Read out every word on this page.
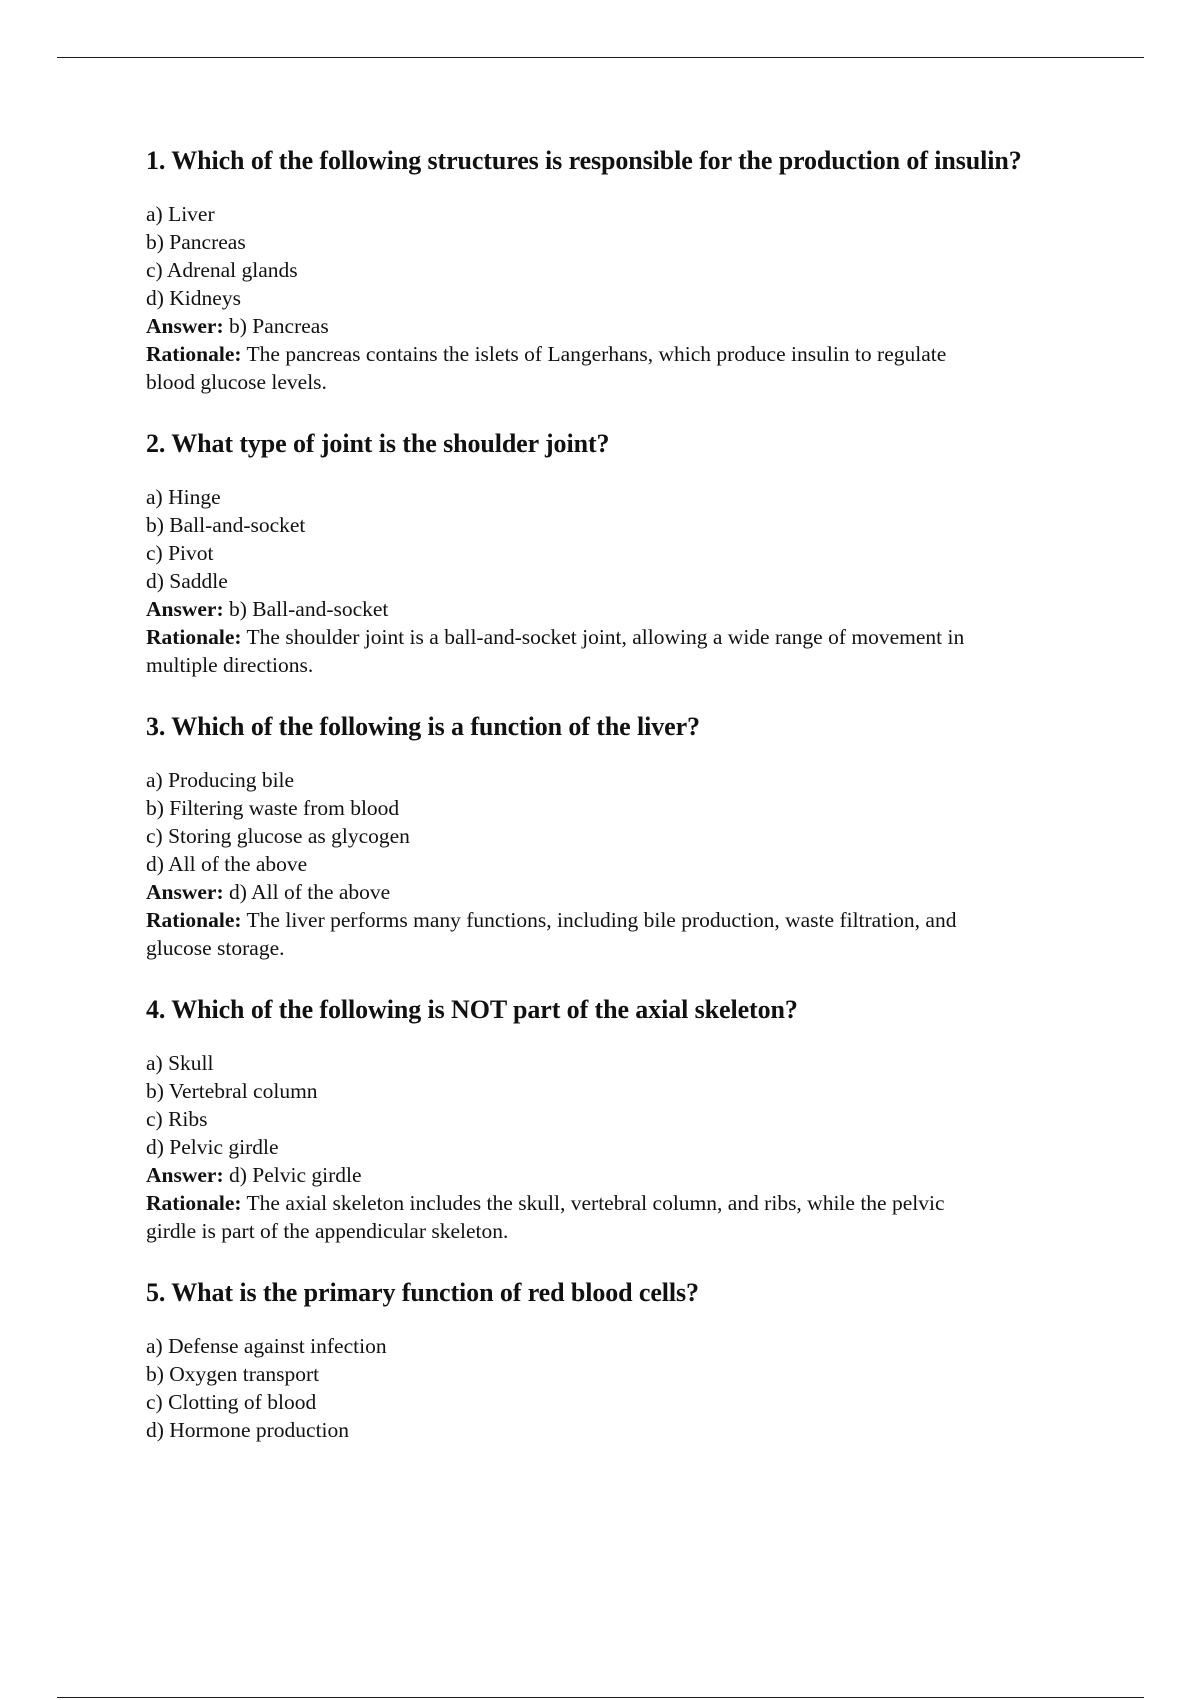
1. Which of the following structures is responsible for the production of insulin?
a) Liver
b) Pancreas
c) Adrenal glands
d) Kidneys
Answer: b) Pancreas
Rationale: The pancreas contains the islets of Langerhans, which produce insulin to regulate
blood glucose levels.
2. What type of joint is the shoulder joint?
a) Hinge
b) Ball-and-socket
c) Pivot
d) Saddle
Answer: b) Ball-and-socket
Rationale: The shoulder joint is a ball-and-socket joint, allowing a wide range of movement in
multiple directions.
3. Which of the following is a function of the liver?
a) Producing bile
b) Filtering waste from blood
c) Storing glucose as glycogen
d) All of the above
Answer: d) All of the above
Rationale: The liver performs many functions, including bile production, waste filtration, and
glucose storage.
4. Which of the following is NOT part of the axial skeleton?
a) Skull
b) Vertebral column
c) Ribs
d) Pelvic girdle
Answer: d) Pelvic girdle
Rationale: The axial skeleton includes the skull, vertebral column, and ribs, while the pelvic
girdle is part of the appendicular skeleton.
5. What is the primary function of red blood cells?
a) Defense against infection
b) Oxygen transport
c) Clotting of blood
d) Hormone production
